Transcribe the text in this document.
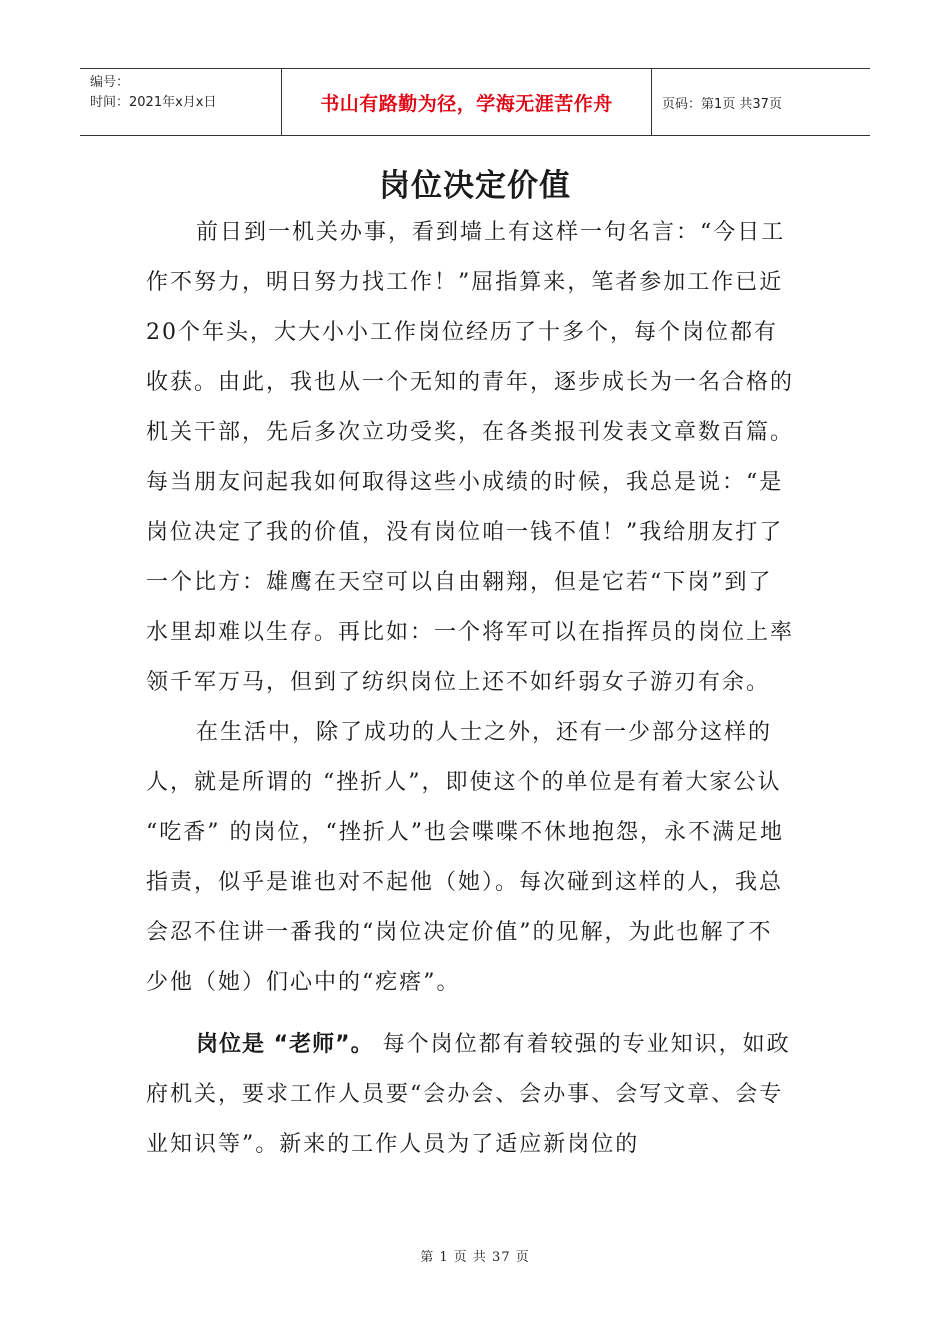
编号：
时间：2021年x月x日	书山有路勤为径，学海无涯苦作舟	页码：第1页 共37页
岗位决定价值

前日到一机关办事，看到墙上有这样一句名言：“今日工作不努力，明日努力找工作！”屈指算来，笔者参加工作已近20个年头，大大小小工作岗位经历了十多个，每个岗位都有收获。由此，我也从一个无知的青年，逐步成长为一名合格的机关干部，先后多次立功受奖，在各类报刊发表文章数百篇。每当朋友问起我如何取得这些小成绩的时候，我总是说：“是岗位决定了我的价值，没有岗位咱一钱不值！”我给朋友打了一个比方：雄鹰在天空可以自由翱翔，但是它若“下岗”到了水里却难以生存。再比如：一个将军可以在指挥员的岗位上率领千军万马，但到了纺织岗位上还不如纤弱女子游刃有余。

在生活中，除了成功的人士之外，还有一少部分这样的人，就是所谓的 “挫折人”，即使这个的单位是有着大家公认 “吃香” 的岗位，“挫折人”也会喋喋不休地抱怨，永不满足地指责，似乎是谁也对不起他（她）。每次碰到这样的人，我总会忍不住讲一番我的“岗位决定价值”的见解，为此也解了不少他（她）们心中的“疙瘩”。

岗位是 “老师”。 每个岗位都有着较强的专业知识，如政府机关，要求工作人员要“会办会、会办事、会写文章、会专业知识等”。新来的工作人员为了适应新岗位的

第 1 页 共 37 页
